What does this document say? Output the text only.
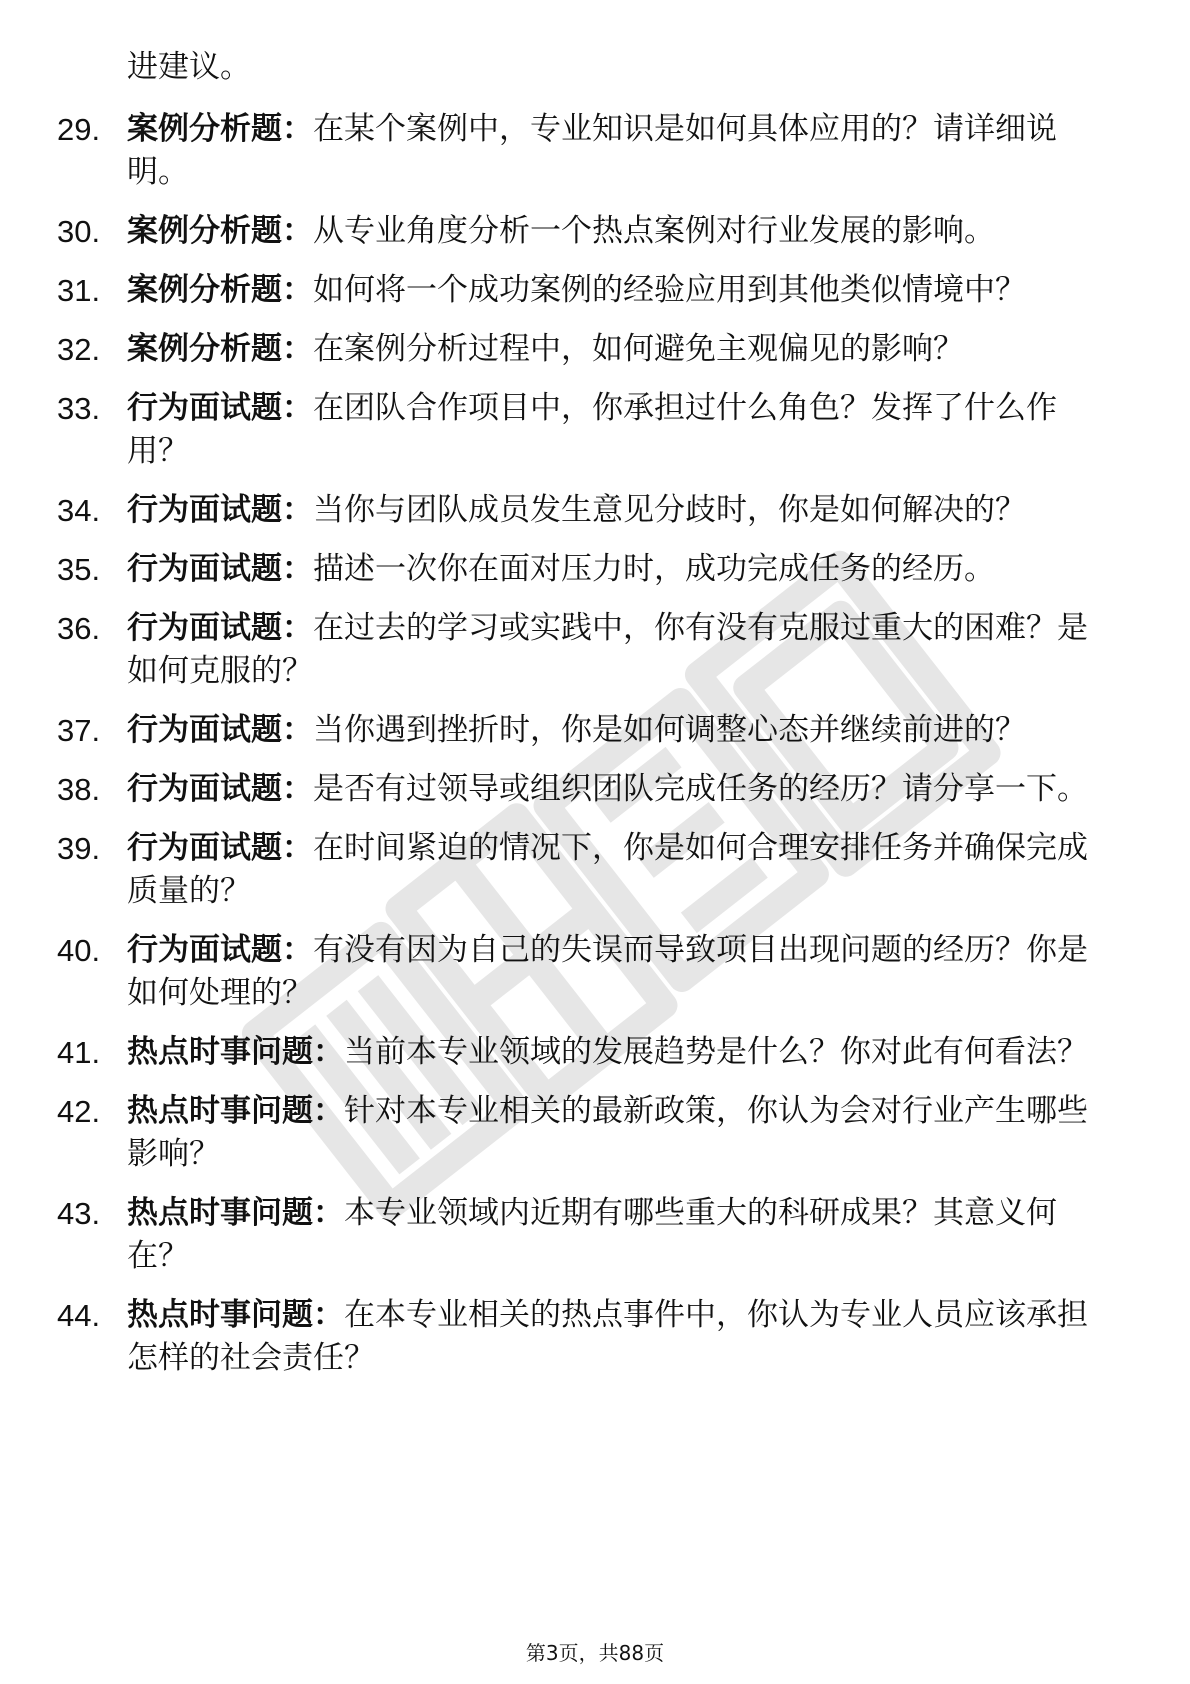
进建议。
29. 案例分析题：在某个案例中，专业知识是如何具体应用的？请详细说明。
30. 案例分析题：从专业角度分析一个热点案例对行业发展的影响。
31. 案例分析题：如何将一个成功案例的经验应用到其他类似情境中？
32. 案例分析题：在案例分析过程中，如何避免主观偏见的影响？
33. 行为面试题：在团队合作项目中，你承担过什么角色？发挥了什么作用？
34. 行为面试题：当你与团队成员发生意见分歧时，你是如何解决的？
35. 行为面试题：描述一次你在面对压力时，成功完成任务的经历。
36. 行为面试题：在过去的学习或实践中，你有没有克服过重大的困难？是如何克服的？
37. 行为面试题：当你遇到挫折时，你是如何调整心态并继续前进的？
38. 行为面试题：是否有过领导或组织团队完成任务的经历？请分享一下。
39. 行为面试题：在时间紧迫的情况下，你是如何合理安排任务并确保完成质量的？
40. 行为面试题：有没有因为自己的失误而导致项目出现问题的经历？你是如何处理的？
41. 热点时事问题：当前本专业领域的发展趋势是什么？你对此有何看法？
42. 热点时事问题：针对本专业相关的最新政策，你认为会对行业产生哪些影响？
43. 热点时事问题：本专业领域内近期有哪些重大的科研成果？其意义何在？
44. 热点时事问题：在本专业相关的热点事件中，你认为专业人员应该承担怎样的社会责任？
第3页，共88页
